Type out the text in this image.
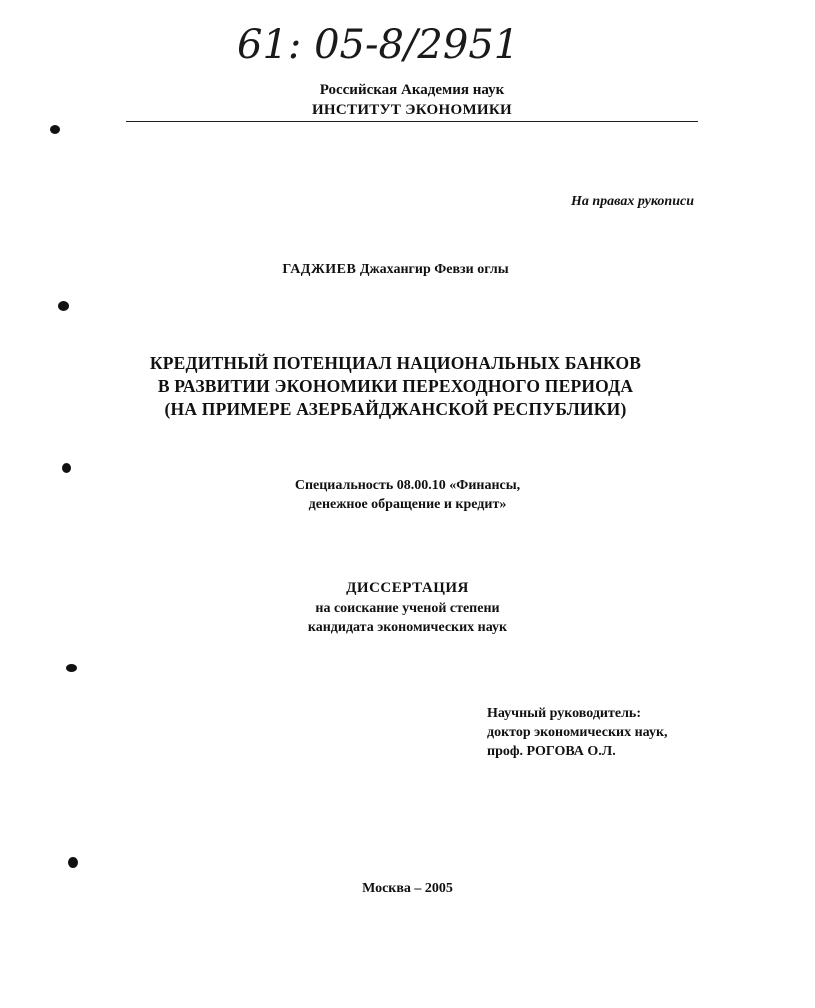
61: 05-8/2951
Российская Академия наук
ИНСТИТУТ ЭКОНОМИКИ
На правах рукописи
ГАДЖИЕВ Джахангир Февзи оглы
КРЕДИТНЫЙ ПОТЕНЦИАЛ НАЦИОНАЛЬНЫХ БАНКОВ
В РАЗВИТИИ ЭКОНОМИКИ ПЕРЕХОДНОГО ПЕРИОДА
(НА ПРИМЕРЕ АЗЕРБАЙДЖАНСКОЙ РЕСПУБЛИКИ)
Специальность 08.00.10 «Финансы,
денежное обращение и кредит»
ДИССЕРТАЦИЯ
на соискание ученой степени
кандидата экономических наук
Научный руководитель:
доктор экономических наук,
проф. РОГОВА О.Л.
Москва – 2005
